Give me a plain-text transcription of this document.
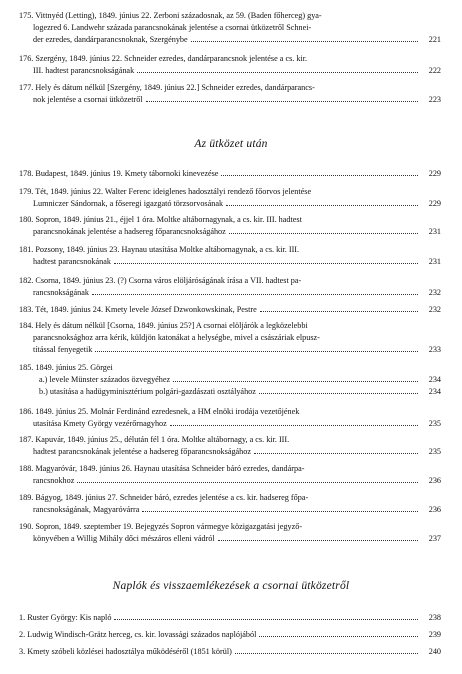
175. Vittnyéd (Letting), 1849. június 22. Zerboni századosnak, az 59. (Baden főherceg) gya-
logezred 6. Landwehr százada parancsnokának jelentése a csornai ütközetről Schnei-
der ezredes, dandárparancsnoknak, Szergénybe	221
176. Szergény, 1849. június 22. Schneider ezredes, dandárparancsnok jelentése a cs. kir.
III. hadtest parancsnokságának	222
177. Hely és dátum nélkül [Szergény, 1849. június 22.] Schneider ezredes, dandárparancs-
nok jelentése a csornai ütközetről	223
Az ütközet után
178. Budapest, 1849. június 19. Kmety tábornoki kinevezése	229
179. Tét, 1849. június 22. Walter Ferenc ideiglenes hadosztályi rendező főorvos jelentése
Lumniczer Sándornak, a főseregi igazgató törzsorvosának	229
180. Sopron, 1849. június 21., éjjel 1 óra. Moltke altábornagynak, a cs. kir. III. hadtest
parancsnokának jelentése a hadsereg főparancsnokságához	231
181. Pozsony, 1849. június 23. Haynau utasítása Moltke altábornagynak, a cs. kir. III.
hadtest parancsnokának	231
182. Csorna, 1849. június 23. (?) Csorna város elöljáróságának írása a VII. hadtest pa-
rancsnokságának	232
183. Tét, 1849. június 24. Kmety levele József Dzwonkowskinak, Pestre	232
184. Hely és dátum nélkül [Csorna, 1849. június 25?] A csornai elöljárók a legközelebbi
parancsnoksághoz arra kérik, küldjön katonákat a helységbe, mivel a császáriak elpusz-
títással fenyegetik	233
185. 1849. június 25. Görgei
a.) levele Münster százados özvegyéhez	234
b.) utasítása a hadügyminisztérium polgári-gazdászati osztályához	234
186. 1849. június 25. Molnár Ferdinánd ezredesnek, a HM elnöki irodája vezetőjének
utasítása Kmety György vezérőrnagyhoz	235
187. Kapuvár, 1849. június 25., délután fél 1 óra. Moltke altábornagy, a cs. kir. III.
hadtest parancsnokának jelentése a hadsereg főparancsnokságához	235
188. Magyaróvár, 1849. június 26. Haynau utasítása Schneider báró ezredes, dandárpa-
rancsnokhoz	236
189. Bágyog, 1849. június 27. Schneider báró, ezredes jelentése a cs. kir. hadsereg főpa-
rancsnokságának, Magyaróvárra	236
190. Sopron, 1849. szeptember 19. Bejegyzés Sopron vármegye közigazgatási jegyző-
könyvében a Willig Mihály dőci mészáros elleni vádról	237
Naplók és visszaemlékezések a csornai ütközetről
1. Ruster György: Kis napló	238
2. Ludwig Windisch-Grätz herceg, cs. kir. lovassági százados naplójából	239
3. Kmety szóbeli közlései hadosztálya működéséről (1851 körül)	240
